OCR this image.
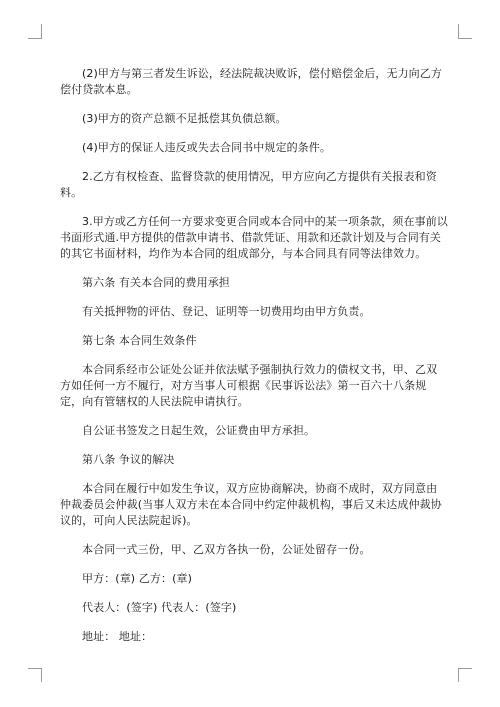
(2)甲方与第三者发生诉讼，经法院裁决败诉，偿付赔偿金后，无力向乙方偿付贷款本息。

(3)甲方的资产总额不足抵偿其负债总额。

(4)甲方的保证人违反或失去合同书中规定的条件。

2.乙方有权检查、监督贷款的使用情况，甲方应向乙方提供有关报表和资料。

3.甲方或乙方任何一方要求变更合同或本合同中的某一项条款，须在事前以书面形式通.甲方提供的借款申请书、借款凭证、用款和还款计划及与合同有关的其它书面材料，均作为本合同的组成部分，与本合同具有同等法律效力。

第六条 有关本合同的费用承担

有关抵押物的评估、登记、证明等一切费用均由甲方负责。

第七条 本合同生效条件

本合同系经市公证处公证并依法赋予强制执行效力的债权文书，甲、乙双方如任何一方不履行，对方当事人可根据《民事诉讼法》第一百六十八条规定，向有管辖权的人民法院申请执行。

自公证书签发之日起生效，公证费由甲方承担。

第八条 争议的解决

本合同在履行中如发生争议，双方应协商解决，协商不成时，双方同意由仲裁委员会仲裁(当事人双方未在本合同中约定仲裁机构，事后又未达成仲裁协议的，可向人民法院起诉)。

本合同一式三份，甲、乙双方各执一份，公证处留存一份。

甲方：(章) 乙方：(章)

代表人：(签字) 代表人：(签字)

地址： 地址：
